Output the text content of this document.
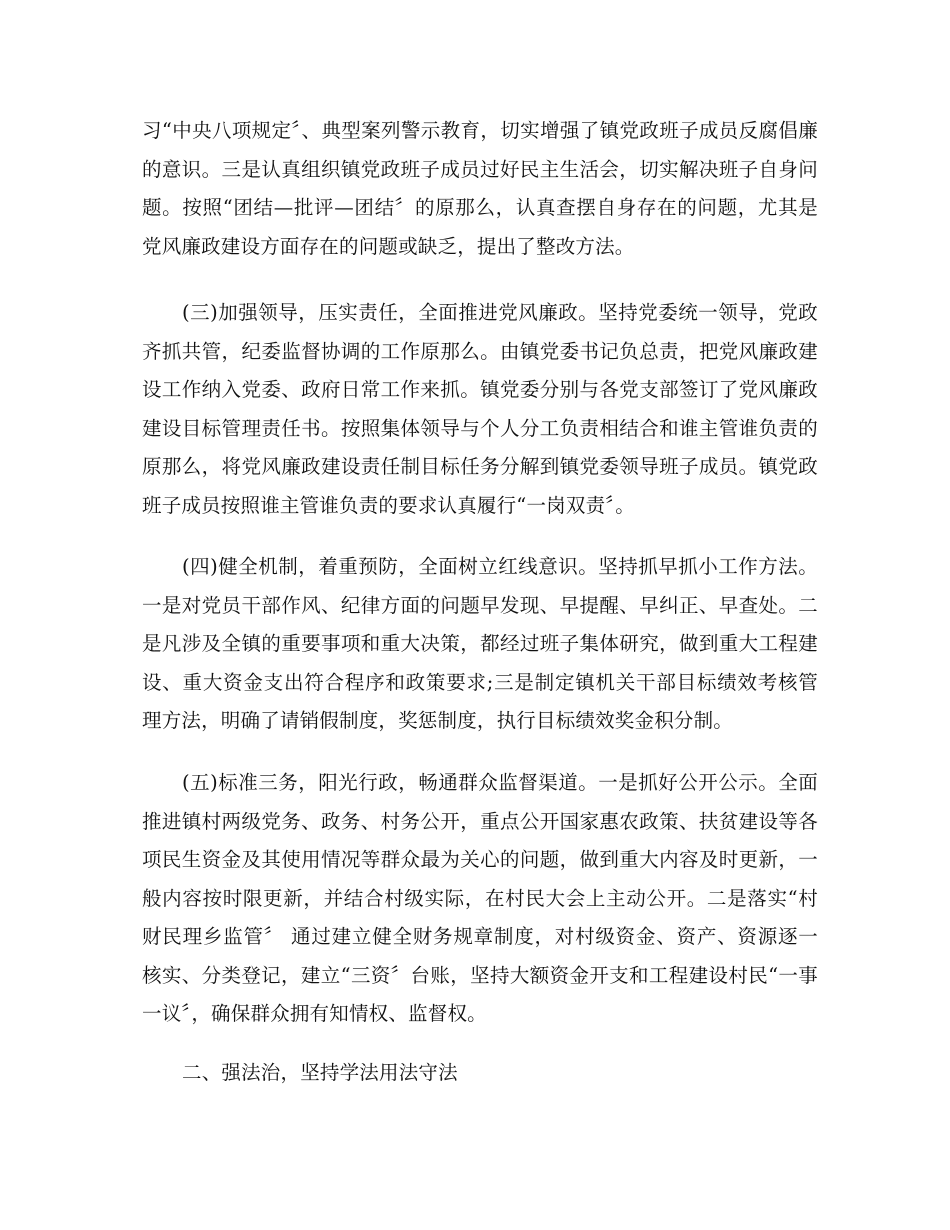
习“中央八项规定〞、典型案列警示教育，切实增强了镇党政班子成员反腐倡廉的意识。三是认真组织镇党政班子成员过好民主生活会，切实解决班子自身问题。按照“团结—批评—团结〞的原那么，认真查摆自身存在的问题，尤其是党风廉政建设方面存在的问题或缺乏，提出了整改方法。

(三)加强领导，压实责任，全面推进党风廉政。坚持党委统一领导，党政齐抓共管，纪委监督协调的工作原那么。由镇党委书记负总责，把党风廉政建设工作纳入党委、政府日常工作来抓。镇党委分别与各党支部签订了党风廉政建设目标管理责任书。按照集体领导与个人分工负责相结合和谁主管谁负责的原那么，将党风廉政建设责任制目标任务分解到镇党委领导班子成员。镇党政班子成员按照谁主管谁负责的要求认真履行“一岗双责〞。

(四)健全机制，着重预防，全面树立红线意识。坚持抓早抓小工作方法。一是对党员干部作风、纪律方面的问题早发现、早提醒、早纠正、早查处。二是凡涉及全镇的重要事项和重大决策，都经过班子集体研究，做到重大工程建设、重大资金支出符合程序和政策要求;三是制定镇机关干部目标绩效考核管理方法，明确了请销假制度，奖惩制度，执行目标绩效奖金积分制。

(五)标准三务，阳光行政，畅通群众监督渠道。一是抓好公开公示。全面推进镇村两级党务、政务、村务公开，重点公开国家惠农政策、扶贫建设等各项民生资金及其使用情况等群众最为关心的问题，做到重大内容及时更新，一般内容按时限更新，并结合村级实际，在村民大会上主动公开。二是落实“村财民理乡监管〞 通过建立健全财务规章制度，对村级资金、资产、资源逐一核实、分类登记，建立“三资〞台账，坚持大额资金开支和工程建设村民“一事一议〞，确保群众拥有知情权、监督权。

二、强法治，坚持学法用法守法
